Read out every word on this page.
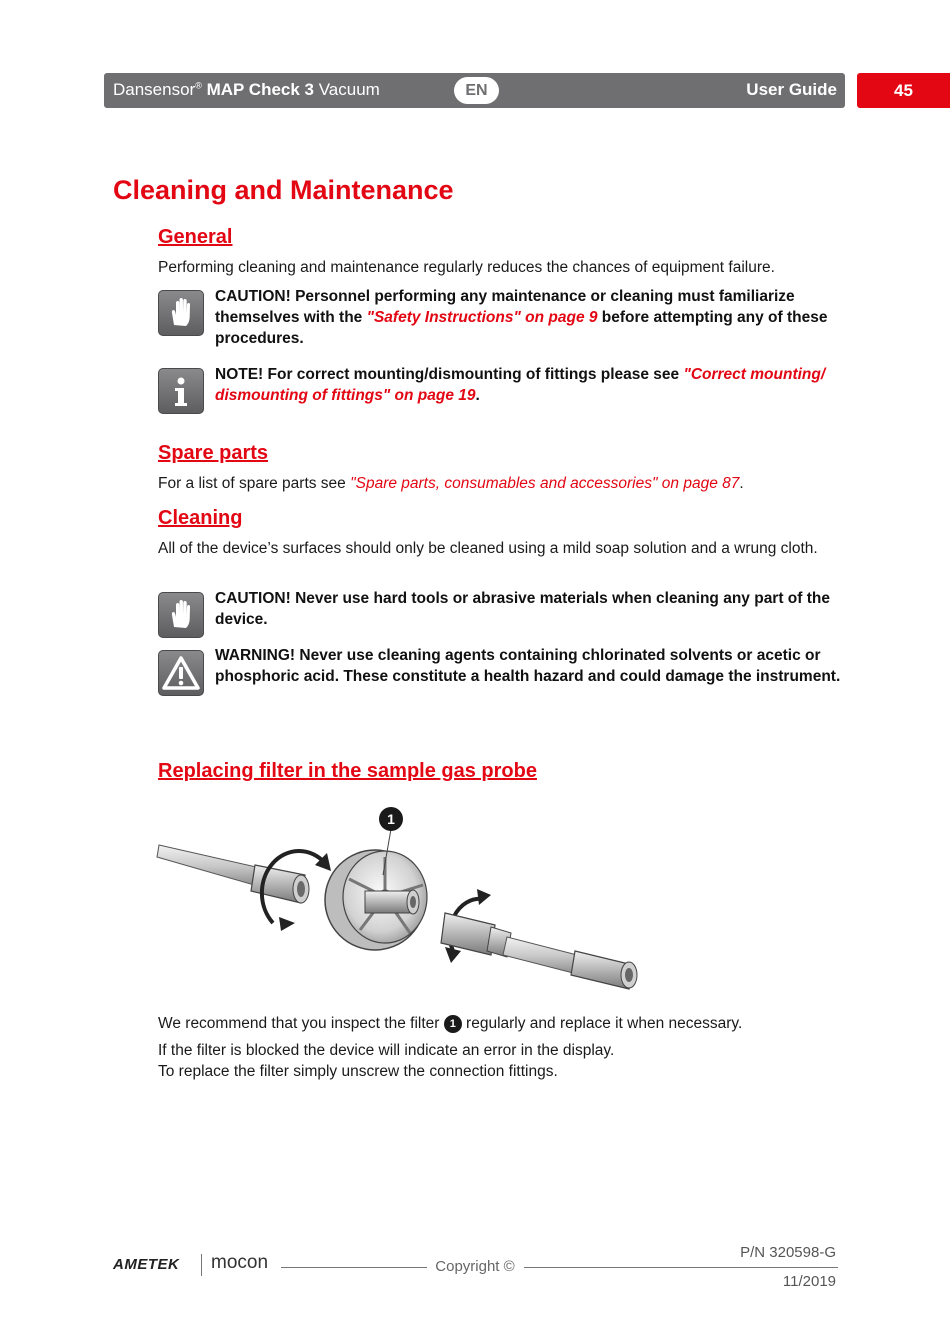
Dansensor® MAP Check 3 Vacuum	EN	User Guide	45
Cleaning and Maintenance
General
Performing cleaning and maintenance regularly reduces the chances of equipment failure.
CAUTION! Personnel performing any maintenance or cleaning must familiarize themselves with the "Safety Instructions" on page 9 before attempting any of these procedures.
NOTE! For correct mounting/dismounting of fittings please see "Correct mounting/ dismounting of fittings" on page 19.
Spare parts
For a list of spare parts see "Spare parts, consumables and accessories" on page 87.
Cleaning
All of the device’s surfaces should only be cleaned using a mild soap solution and a wrung cloth.
CAUTION! Never use hard tools or abrasive materials when cleaning any part of the device.
WARNING! Never use cleaning agents containing chlorinated solvents or acetic or phosphoric acid. These constitute a health hazard and could damage the instrument.
Replacing filter in the sample gas probe
1
We recommend that you inspect the filter 1 regularly and replace it when necessary.
If the filter is blocked the device will indicate an error in the display.
To replace the filter simply unscrew the connection fittings.
AMETEK mocon	Copyright ©
P/N 320598-G
11/2019
